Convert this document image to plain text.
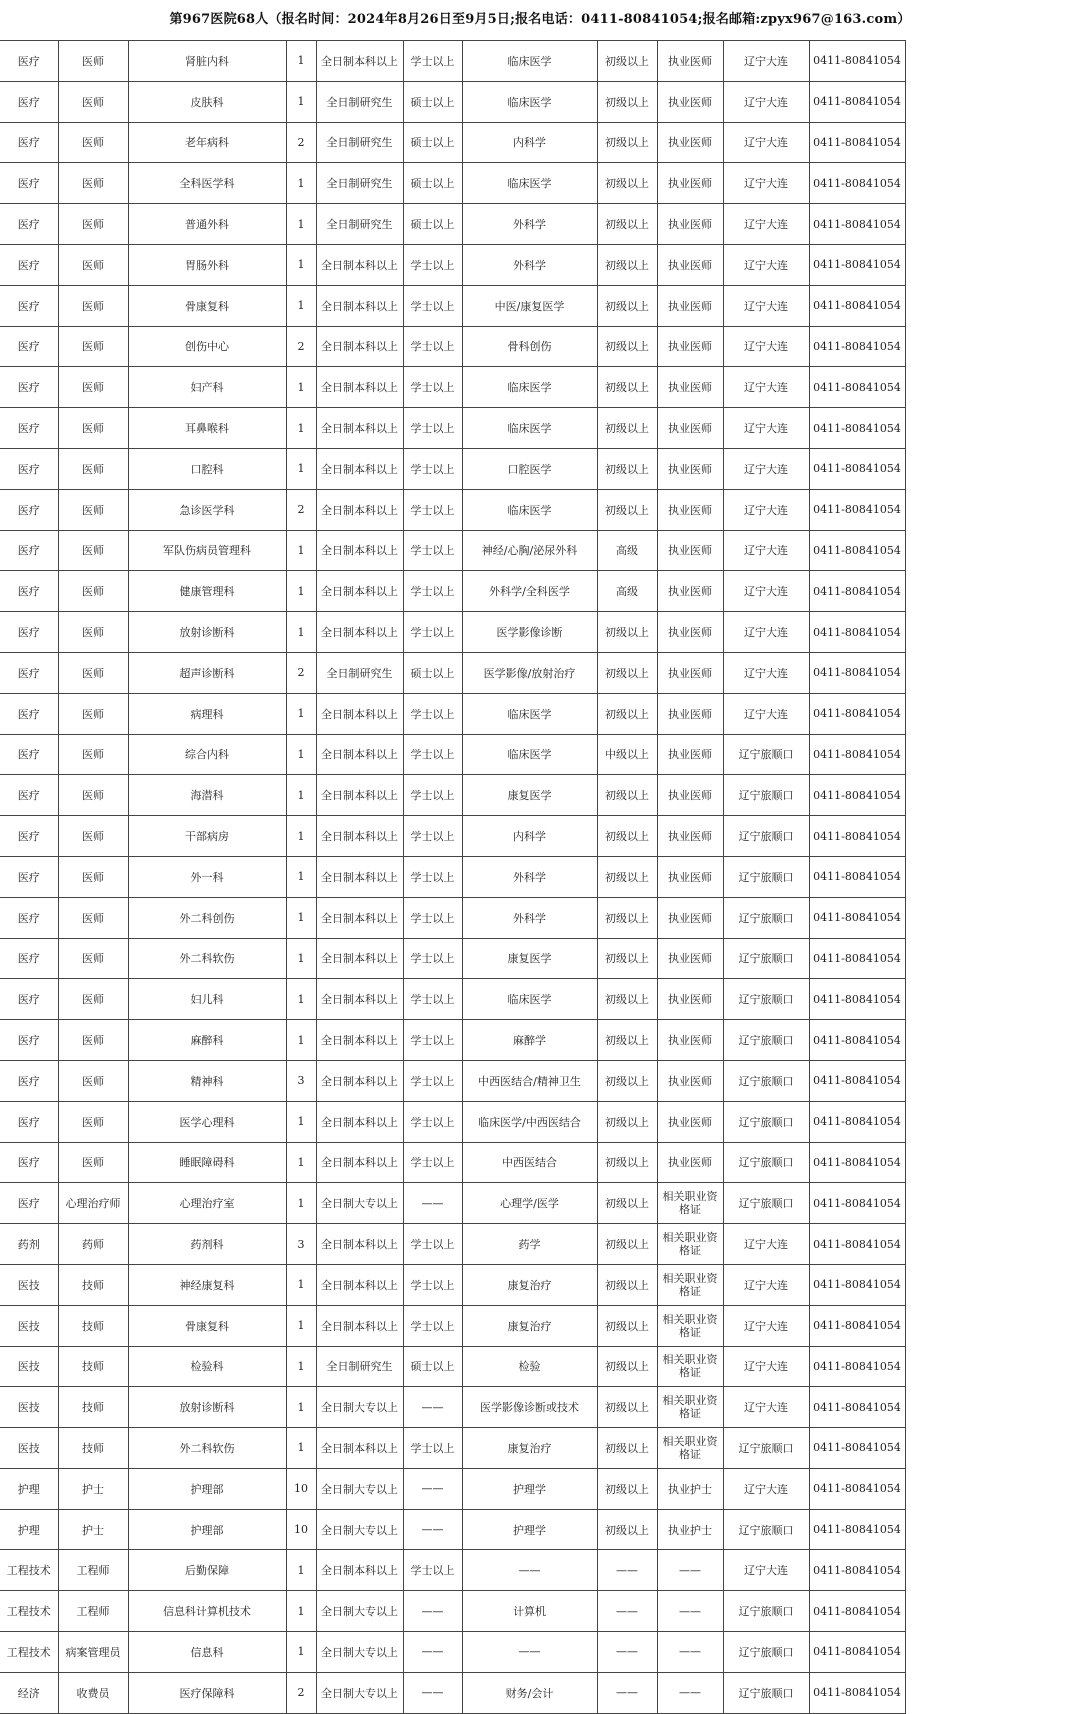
第967医院68人（报名时间：2024年8月26日至9月5日;报名电话：0411-80841054;报名邮箱:zpyx967@163.com）
医疗	医师	肾脏内科	1	全日制本科以上	学士以上	临床医学	初级以上	执业医师	辽宁大连	0411-80841054
医疗	医师	皮肤科	1	全日制研究生	硕士以上	临床医学	初级以上	执业医师	辽宁大连	0411-80841054
医疗	医师	老年病科	2	全日制研究生	硕士以上	内科学	初级以上	执业医师	辽宁大连	0411-80841054
医疗	医师	全科医学科	1	全日制研究生	硕士以上	临床医学	初级以上	执业医师	辽宁大连	0411-80841054
医疗	医师	普通外科	1	全日制研究生	硕士以上	外科学	初级以上	执业医师	辽宁大连	0411-80841054
医疗	医师	胃肠外科	1	全日制本科以上	学士以上	外科学	初级以上	执业医师	辽宁大连	0411-80841054
医疗	医师	骨康复科	1	全日制本科以上	学士以上	中医/康复医学	初级以上	执业医师	辽宁大连	0411-80841054
医疗	医师	创伤中心	2	全日制本科以上	学士以上	骨科创伤	初级以上	执业医师	辽宁大连	0411-80841054
医疗	医师	妇产科	1	全日制本科以上	学士以上	临床医学	初级以上	执业医师	辽宁大连	0411-80841054
医疗	医师	耳鼻喉科	1	全日制本科以上	学士以上	临床医学	初级以上	执业医师	辽宁大连	0411-80841054
医疗	医师	口腔科	1	全日制本科以上	学士以上	口腔医学	初级以上	执业医师	辽宁大连	0411-80841054
医疗	医师	急诊医学科	2	全日制本科以上	学士以上	临床医学	初级以上	执业医师	辽宁大连	0411-80841054
医疗	医师	军队伤病员管理科	1	全日制本科以上	学士以上	神经/心胸/泌尿外科	高级	执业医师	辽宁大连	0411-80841054
医疗	医师	健康管理科	1	全日制本科以上	学士以上	外科学/全科医学	高级	执业医师	辽宁大连	0411-80841054
医疗	医师	放射诊断科	1	全日制本科以上	学士以上	医学影像诊断	初级以上	执业医师	辽宁大连	0411-80841054
医疗	医师	超声诊断科	2	全日制研究生	硕士以上	医学影像/放射治疗	初级以上	执业医师	辽宁大连	0411-80841054
医疗	医师	病理科	1	全日制本科以上	学士以上	临床医学	初级以上	执业医师	辽宁大连	0411-80841054
医疗	医师	综合内科	1	全日制本科以上	学士以上	临床医学	中级以上	执业医师	辽宁旅顺口	0411-80841054
医疗	医师	海潜科	1	全日制本科以上	学士以上	康复医学	初级以上	执业医师	辽宁旅顺口	0411-80841054
医疗	医师	干部病房	1	全日制本科以上	学士以上	内科学	初级以上	执业医师	辽宁旅顺口	0411-80841054
医疗	医师	外一科	1	全日制本科以上	学士以上	外科学	初级以上	执业医师	辽宁旅顺口	0411-80841054
医疗	医师	外二科创伤	1	全日制本科以上	学士以上	外科学	初级以上	执业医师	辽宁旅顺口	0411-80841054
医疗	医师	外二科软伤	1	全日制本科以上	学士以上	康复医学	初级以上	执业医师	辽宁旅顺口	0411-80841054
医疗	医师	妇儿科	1	全日制本科以上	学士以上	临床医学	初级以上	执业医师	辽宁旅顺口	0411-80841054
医疗	医师	麻醉科	1	全日制本科以上	学士以上	麻醉学	初级以上	执业医师	辽宁旅顺口	0411-80841054
医疗	医师	精神科	3	全日制本科以上	学士以上	中西医结合/精神卫生	初级以上	执业医师	辽宁旅顺口	0411-80841054
医疗	医师	医学心理科	1	全日制本科以上	学士以上	临床医学/中西医结合	初级以上	执业医师	辽宁旅顺口	0411-80841054
医疗	医师	睡眠障碍科	1	全日制本科以上	学士以上	中西医结合	初级以上	执业医师	辽宁旅顺口	0411-80841054
医疗	心理治疗师	心理治疗室	1	全日制大专以上	——	心理学/医学	初级以上	相关职业资格证	辽宁旅顺口	0411-80841054
药剂	药师	药剂科	3	全日制本科以上	学士以上	药学	初级以上	相关职业资格证	辽宁大连	0411-80841054
医技	技师	神经康复科	1	全日制本科以上	学士以上	康复治疗	初级以上	相关职业资格证	辽宁大连	0411-80841054
医技	技师	骨康复科	1	全日制本科以上	学士以上	康复治疗	初级以上	相关职业资格证	辽宁大连	0411-80841054
医技	技师	检验科	1	全日制研究生	硕士以上	检验	初级以上	相关职业资格证	辽宁大连	0411-80841054
医技	技师	放射诊断科	1	全日制大专以上	——	医学影像诊断或技术	初级以上	相关职业资格证	辽宁大连	0411-80841054
医技	技师	外二科软伤	1	全日制本科以上	学士以上	康复治疗	初级以上	相关职业资格证	辽宁旅顺口	0411-80841054
护理	护士	护理部	10	全日制大专以上	——	护理学	初级以上	执业护士	辽宁大连	0411-80841054
护理	护士	护理部	10	全日制大专以上	——	护理学	初级以上	执业护士	辽宁旅顺口	0411-80841054
工程技术	工程师	后勤保障	1	全日制本科以上	学士以上	——	——	——	辽宁大连	0411-80841054
工程技术	工程师	信息科计算机技术	1	全日制大专以上	——	计算机	——	——	辽宁旅顺口	0411-80841054
工程技术	病案管理员	信息科	1	全日制大专以上	——	——	——	——	辽宁旅顺口	0411-80841054
经济	收费员	医疗保障科	2	全日制大专以上	——	财务/会计	——	——	辽宁旅顺口	0411-80841054
